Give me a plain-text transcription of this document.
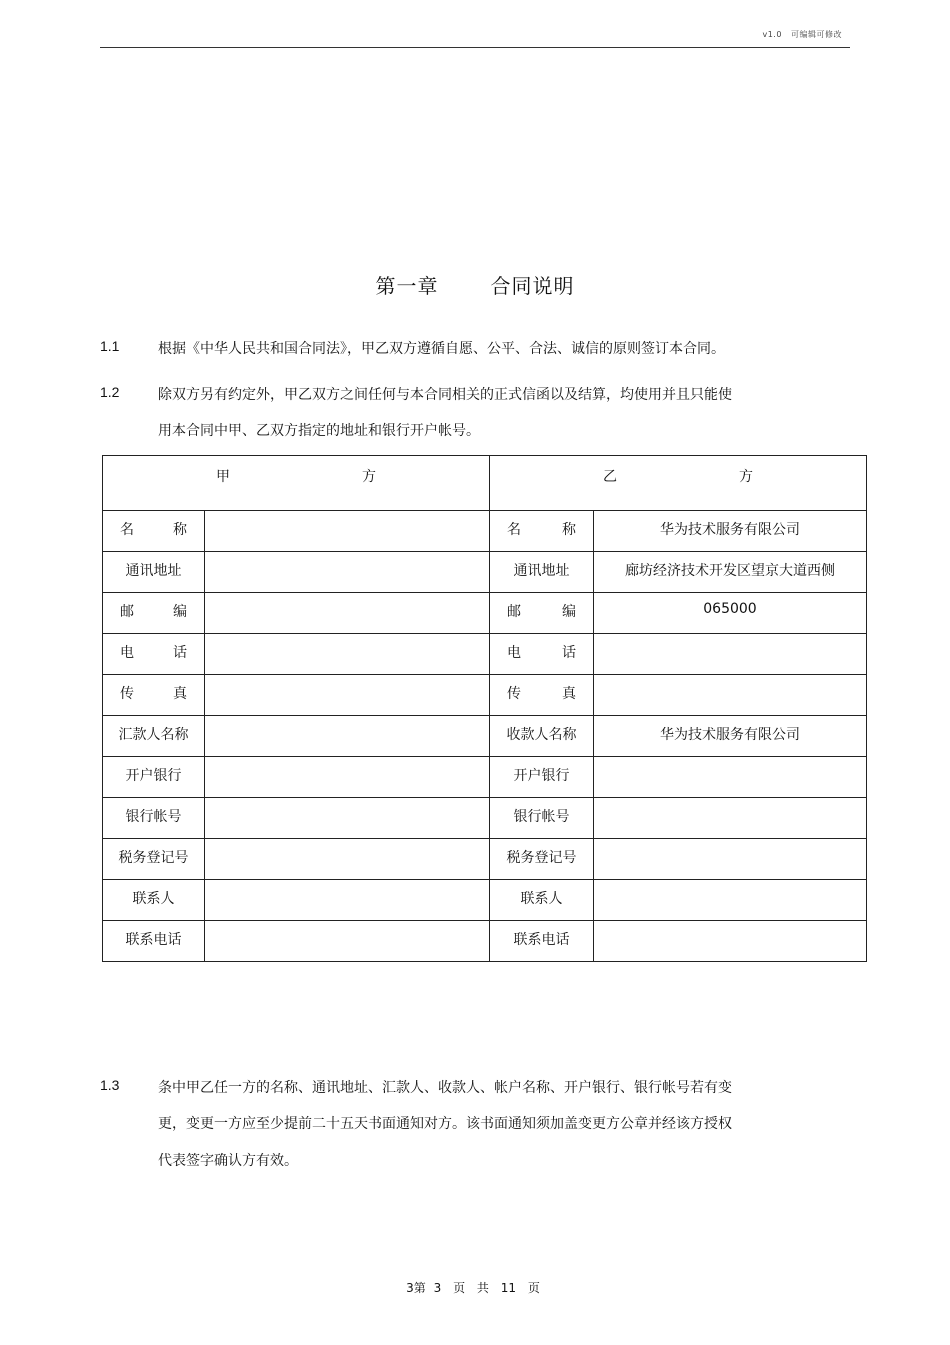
v1.0 可编辑可修改
第一章	合同说明
1.1	根据《中华人民共和国合同法》，甲乙双方遵循自愿、公平、合法、诚信的原则签订本合同。
1.2	除双方另有约定外，甲乙双方之间任何与本合同相关的正式信函以及结算，均使用并且只能使
用本合同中甲、乙双方指定的地址和银行开户帐号。
甲 方		乙 方	

名 称		名 称	华为技术服务有限公司

通讯地址		通讯地址	廊坊经济技术开发区望京大道西侧

邮 编		邮 编	065000

电 话		电 话	

传 真		传 真	

汇款人名称		收款人名称	华为技术服务有限公司

开户银行		开户银行	

银行帐号		银行帐号	

税务登记号		税务登记号	

联系人		联系人	

联系电话		联系电话	

1.3	条中甲乙任一方的名称、通讯地址、汇款人、收款人、帐户名称、开户银行、银行帐号若有变
更，变更一方应至少提前二十五天书面通知对方。该书面通知须加盖变更方公章并经该方授权
代表签字确认方有效。
3第 3 页 共 11 页
